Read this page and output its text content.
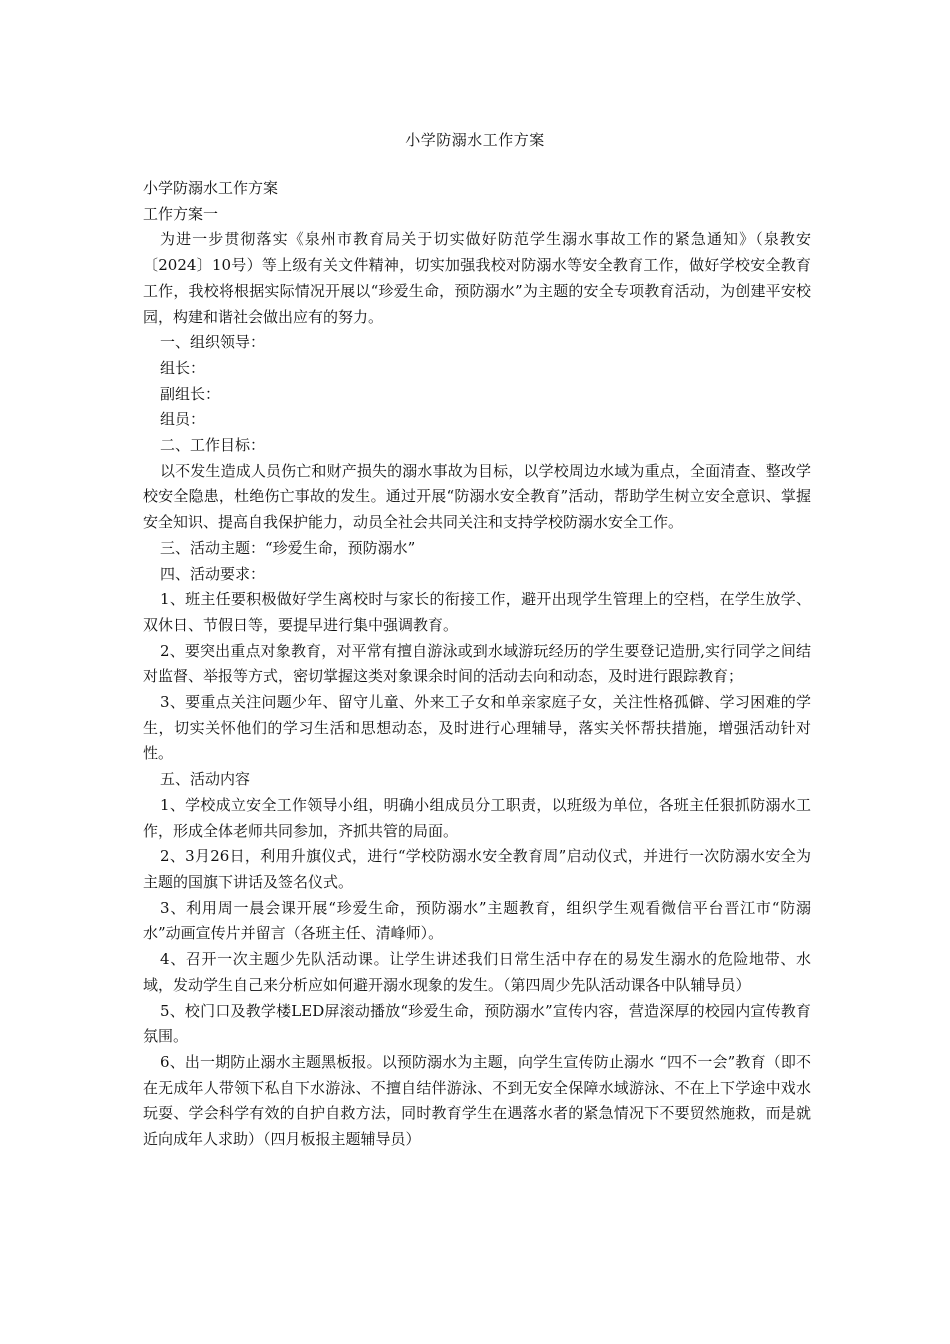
小学防溺水工作方案

小学防溺水工作方案

工作方案一

为进一步贯彻落实《泉州市教育局关于切实做好防范学生溺水事故工作的紧急通知》（泉教安〔2024〕10号）等上级有关文件精神，切实加强我校对防溺水等安全教育工作，做好学校安全教育工作，我校将根据实际情况开展以“珍爱生命，预防溺水”为主题的安全专项教育活动，为创建平安校园，构建和谐社会做出应有的努力。

一、组织领导：

组长：

副组长：

组员：

二、工作目标：

以不发生造成人员伤亡和财产损失的溺水事故为目标，以学校周边水域为重点，全面清查、整改学校安全隐患，杜绝伤亡事故的发生。通过开展“防溺水安全教育”活动，帮助学生树立安全意识、掌握安全知识、提高自我保护能力，动员全社会共同关注和支持学校防溺水安全工作。

三、活动主题：“珍爱生命，预防溺水”

四、活动要求：

1、班主任要积极做好学生离校时与家长的衔接工作，避开出现学生管理上的空档，在学生放学、双休日、节假日等，要提早进行集中强调教育。

2、要突出重点对象教育，对平常有擅自游泳或到水域游玩经历的学生要登记造册,实行同学之间结对监督、举报等方式，密切掌握这类对象课余时间的活动去向和动态，及时进行跟踪教育；

3、要重点关注问题少年、留守儿童、外来工子女和单亲家庭子女，关注性格孤僻、学习困难的学生，切实关怀他们的学习生活和思想动态，及时进行心理辅导，落实关怀帮扶措施，增强活动针对性。

五、活动内容

1、学校成立安全工作领导小组，明确小组成员分工职责，以班级为单位，各班主任狠抓防溺水工作，形成全体老师共同参加，齐抓共管的局面。

2、3月26日，利用升旗仪式，进行“学校防溺水安全教育周”启动仪式，并进行一次防溺水安全为主题的国旗下讲话及签名仪式。

3、利用周一晨会课开展“珍爱生命，预防溺水”主题教育，组织学生观看微信平台晋江市“防溺水”动画宣传片并留言（各班主任、清峰师）。

4、召开一次主题少先队活动课。让学生讲述我们日常生活中存在的易发生溺水的危险地带、水域，发动学生自己来分析应如何避开溺水现象的发生。（第四周少先队活动课各中队辅导员）

5、校门口及教学楼LED屏滚动播放“珍爱生命，预防溺水”宣传内容，营造深厚的校园内宣传教育氛围。

6、出一期防止溺水主题黑板报。以预防溺水为主题，向学生宣传防止溺水 “四不一会”教育（即不在无成年人带领下私自下水游泳、不擅自结伴游泳、不到无安全保障水域游泳、不在上下学途中戏水玩耍、学会科学有效的自护自救方法，同时教育学生在遇落水者的紧急情况下不要贸然施救，而是就近向成年人求助）（四月板报主题辅导员）
